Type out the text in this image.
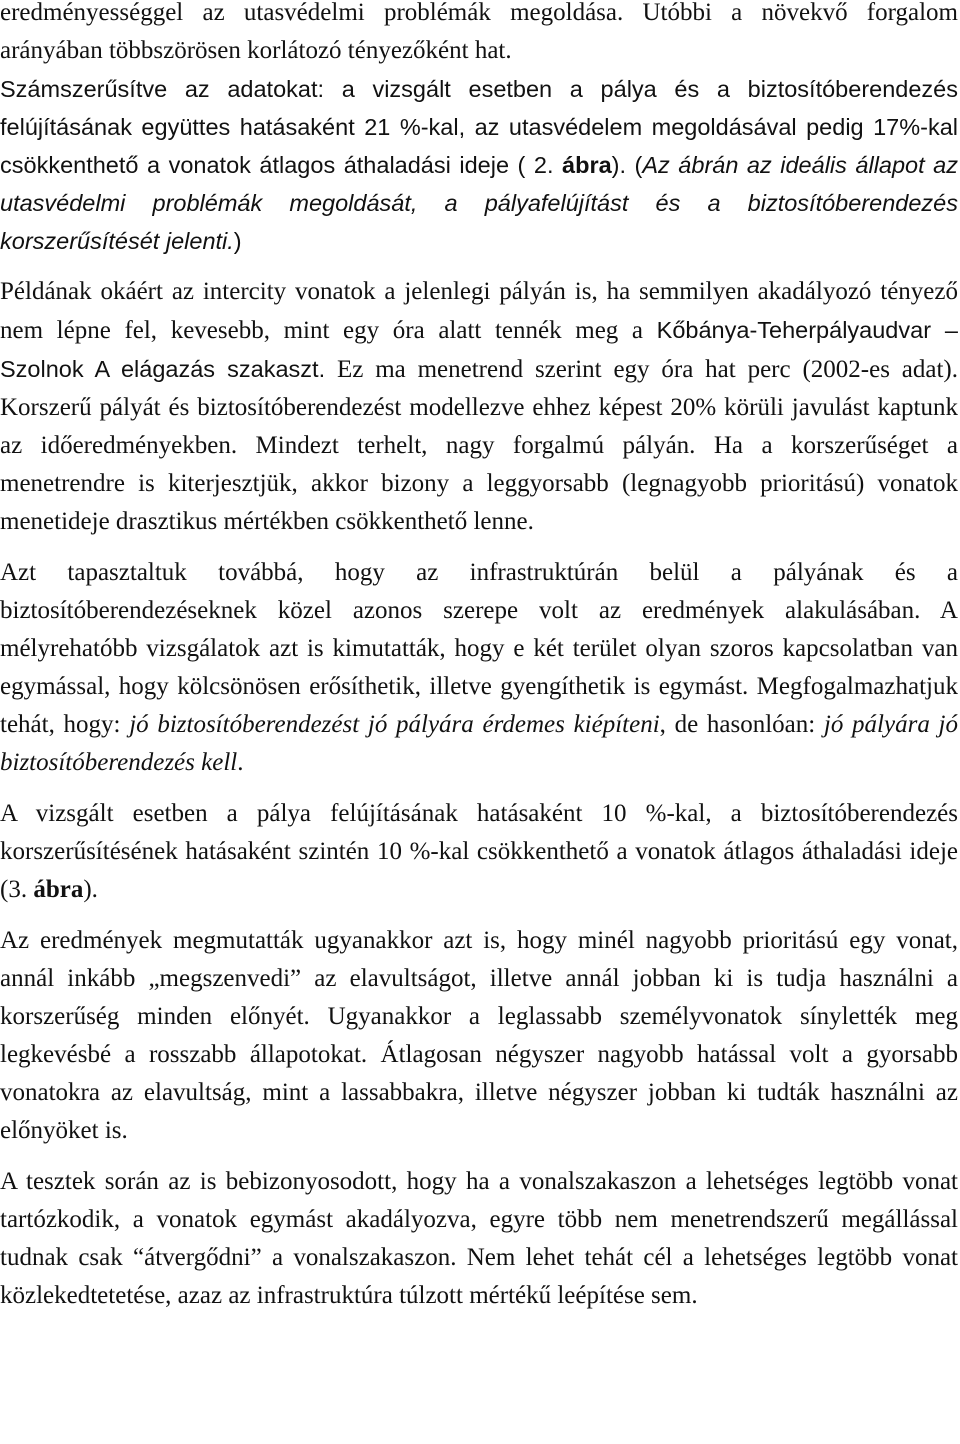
eredményességgel az utasvédelmi problémák megoldása. Utóbbi a növekvő forgalom arányában többszörösen korlátozó tényezőként hat.

Számszerűsítve az adatokat: a vizsgált esetben a pálya és a biztosítóberendezés felújításának együttes hatásaként 21 %-kal, az utasvédelem megoldásával pedig 17%-kal csökkenthető a vonatok átlagos áthaladási ideje ( 2. ábra). (Az ábrán az ideális állapot az utasvédelmi problémák megoldását, a pályafelújítást és a biztosítóberendezés korszerűsítését jelenti.)

Példának okáért az intercity vonatok a jelenlegi pályán is, ha semmilyen akadályozó tényező nem lépne fel, kevesebb, mint egy óra alatt tennék meg a Kőbánya-Teherpályaudvar – Szolnok A elágazás szakaszt. Ez ma menetrend szerint egy óra hat perc (2002-es adat). Korszerű pályát és biztosítóberendezést modellezve ehhez képest 20% körüli javulást kaptunk az időeredményekben. Mindezt terhelt, nagy forgalmú pályán. Ha a korszerűséget a menetrendre is kiterjesztjük, akkor bizony a leggyorsabb (legnagyobb prioritású) vonatok menetideje drasztikus mértékben csökkenthető lenne.

Azt tapasztaltuk továbbá, hogy az infrastruktúrán belül a pályának és a biztosítóberendezéseknek közel azonos szerepe volt az eredmények alakulásában. A mélyrehatóbb vizsgálatok azt is kimutatták, hogy e két terület olyan szoros kapcsolatban van egymással, hogy kölcsönösen erősíthetik, illetve gyengíthetik is egymást. Megfogalmazhatjuk tehát, hogy: jó biztosítóberendezést jó pályára érdemes kiépíteni, de hasonlóan: jó pályára jó biztosítóberendezés kell.

A vizsgált esetben a pálya felújításának hatásaként 10 %-kal, a biztosítóberendezés korszerűsítésének hatásaként szintén 10 %-kal csökkenthető a vonatok átlagos áthaladási ideje (3. ábra).

Az eredmények megmutatták ugyanakkor azt is, hogy minél nagyobb prioritású egy vonat, annál inkább „megszenvedi” az elavultságot, illetve annál jobban ki is tudja használni a korszerűség minden előnyét. Ugyanakkor a leglassabb személyvonatok sínylették meg legkevésbé a rosszabb állapotokat. Átlagosan négyszer nagyobb hatással volt a gyorsabb vonatokra az elavultság, mint a lassabbakra, illetve négyszer jobban ki tudták használni az előnyöket is.

A tesztek során az is bebizonyosodott, hogy ha a vonalszakaszon a lehetséges legtöbb vonat tartózkodik, a vonatok egymást akadályozva, egyre több nem menetrendszerű megállással tudnak csak “átvergődni” a vonalszakaszon. Nem lehet tehát cél a lehetséges legtöbb vonat közlekedtetetése, azaz az infrastruktúra túlzott mértékű leépítése sem.
